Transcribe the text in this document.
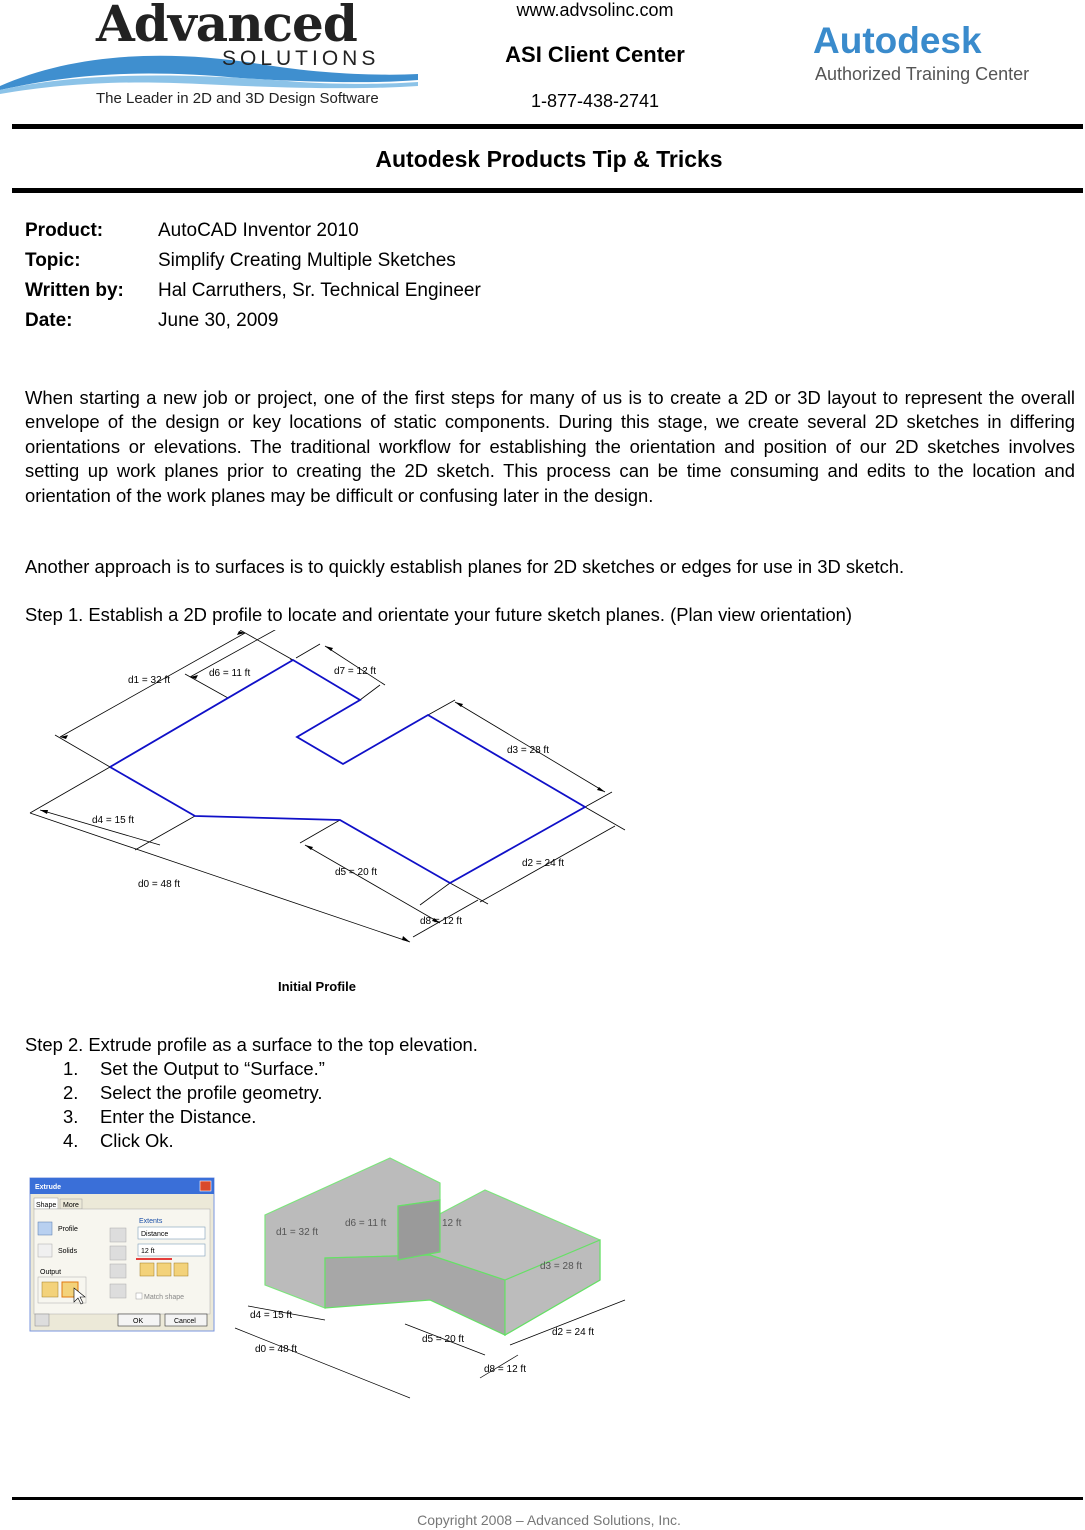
Advanced
SOLUTIONS
The Leader in 2D and 3D Design Software
www.advsolinc.com
ASI Client Center
1-877-438-2741
Autodesk
Authorized Training Center
Autodesk Products Tip & Tricks
Product:	AutoCAD Inventor 2010
Topic:	Simplify Creating Multiple Sketches
Written by: Hal Carruthers, Sr. Technical Engineer
Date:	June 30, 2009
When starting a new job or project, one of the first steps for many of us is to create a 2D or 3D layout to represent the overall envelope of the design or key locations of static components. During this stage, we create several 2D sketches in differing orientations or elevations. The traditional workflow for establishing the orientation and position of our 2D sketches involves setting up work planes prior to creating the 2D sketch. This process can be time consuming and edits to the location and orientation of the work planes may be difficult or confusing later in the design.
Another approach is to surfaces is to quickly establish planes for 2D sketches or edges for use in 3D sketch.
Step 1. Establish a 2D profile to locate and orientate your future sketch planes. (Plan view orientation)
d1 = 32 ft
d6 = 11 ft	d7 = 12 ft
d3 = 28 ft
d4 = 15 ft
d5 = 20 ft
d2 = 24 ft
d0 = 48 ft
d8 = 12 ft
Initial Profile
Step 2. Extrude profile as a surface to the top elevation.
1. Set the Output to “Surface.”
2. Select the profile geometry.
3. Enter the Distance.
4. Click Ok.
Extrude
Shape More
Profile
Solids
Output
Extents
Distance
12 ft
Match shape
OK	Cancel
d4 = 15 ft
d0 = 48 ft
d5 = 20 ft
d2 = 24 ft
d8 = 12 ft
d1 = 32 ft
d6 = 11 ft	12 ft
d3 = 28 ft
Copyright 2008 – Advanced Solutions, Inc.
